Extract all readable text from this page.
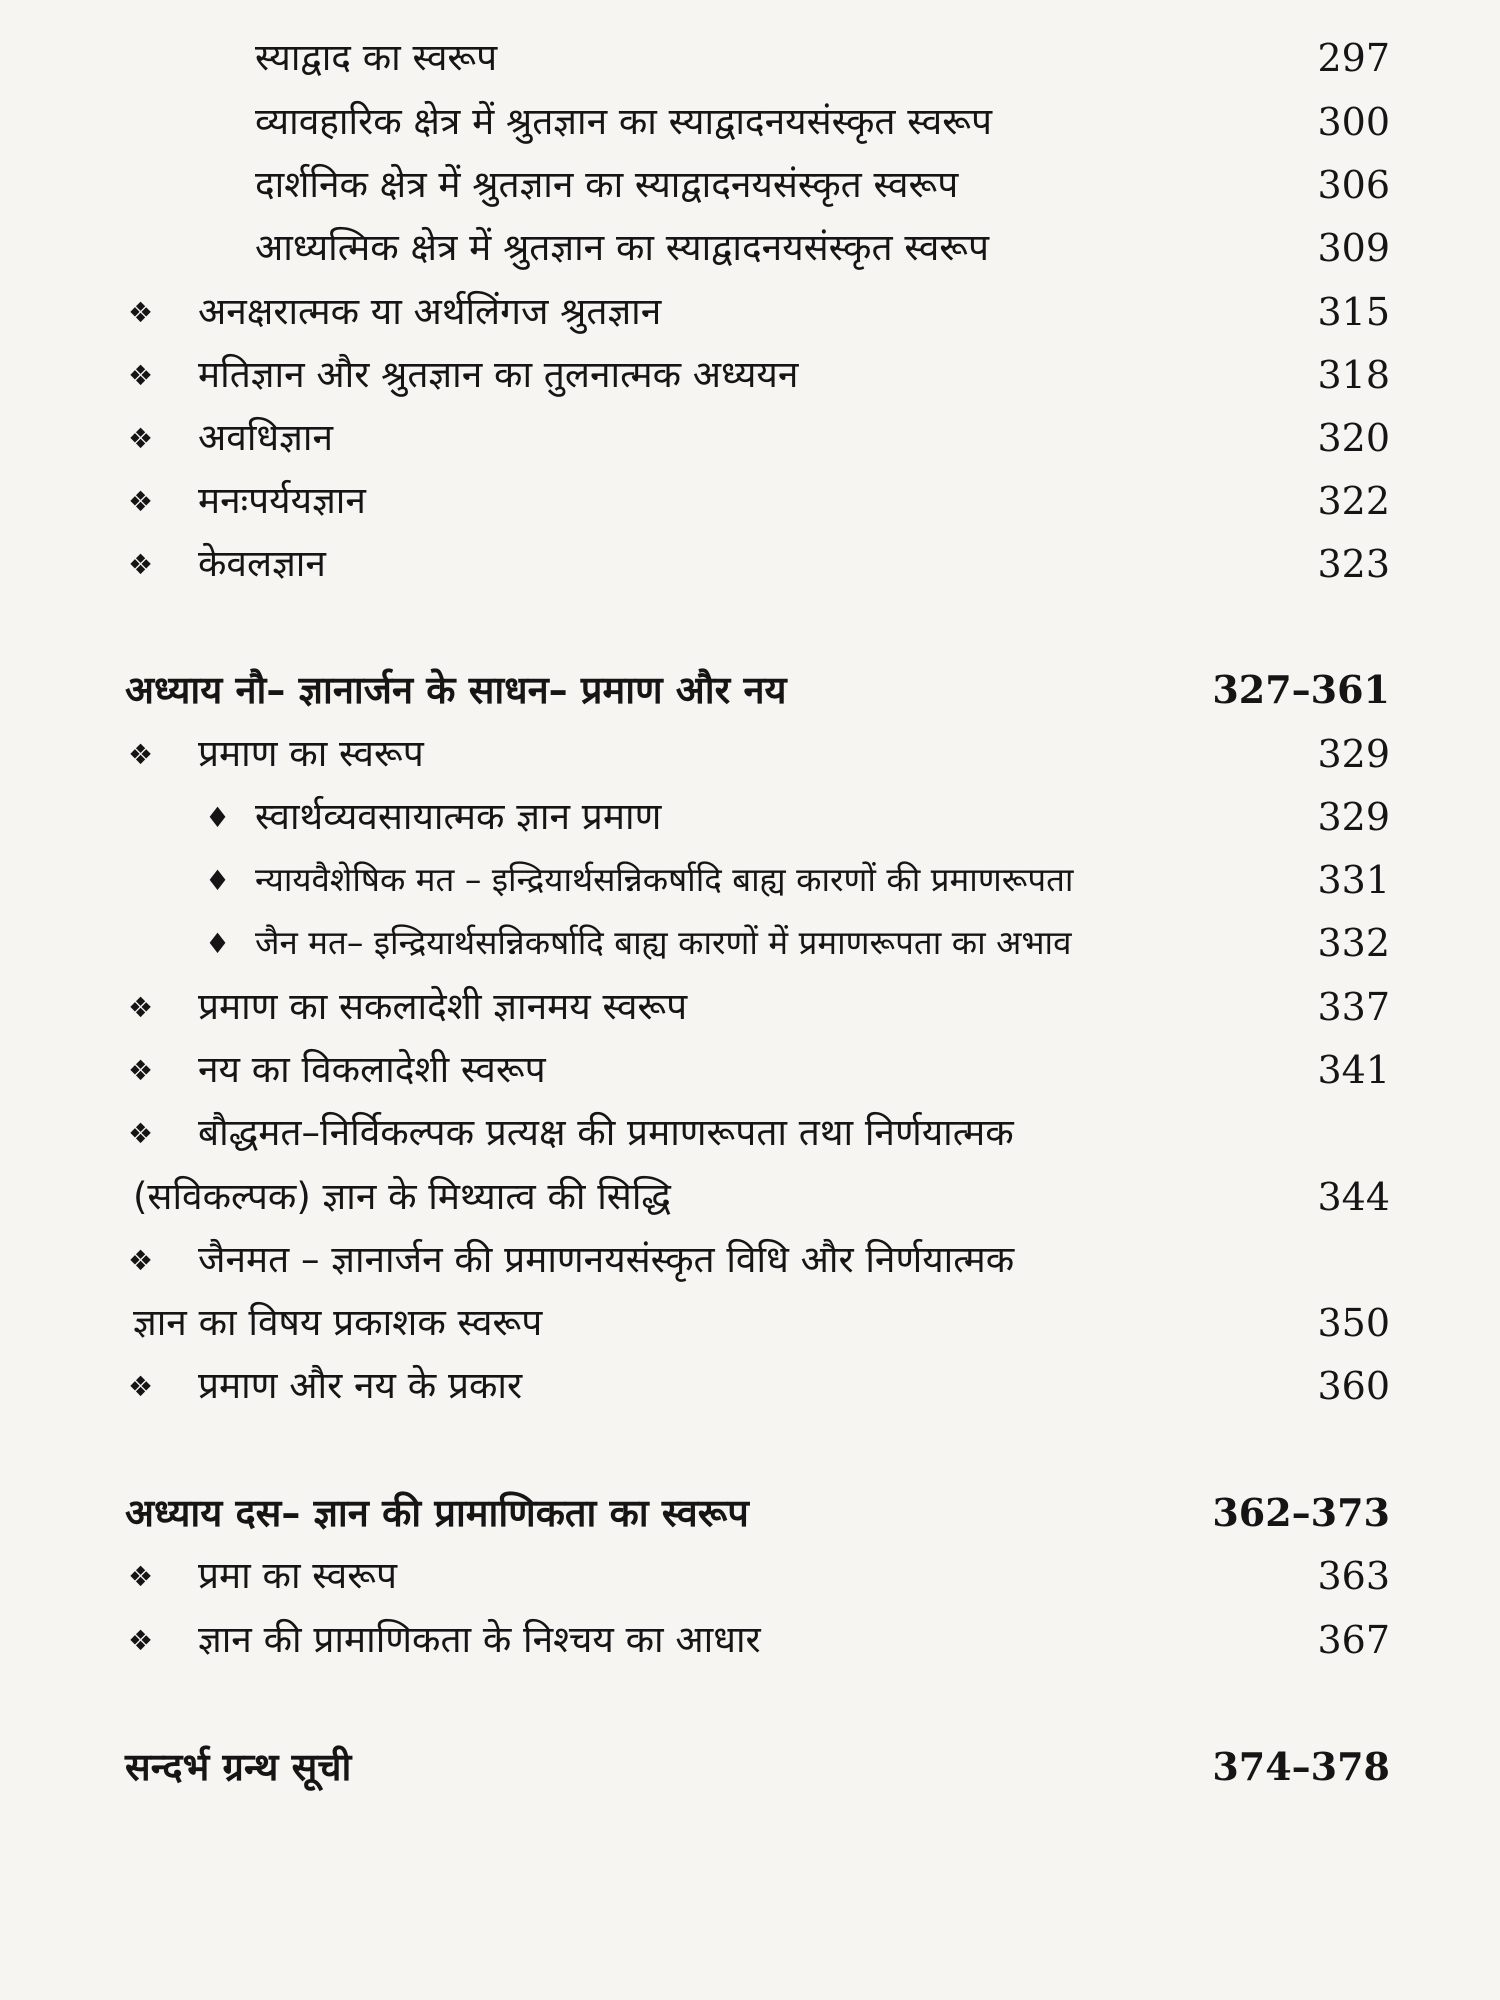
स्याद्वाद का स्वरूप	297
व्यावहारिक क्षेत्र में श्रुतज्ञान का स्याद्वादनयसंस्कृत स्वरूप	300
दार्शनिक क्षेत्र में श्रुतज्ञान का स्याद्वादनयसंस्कृत स्वरूप	306
आध्यत्मिक क्षेत्र में श्रुतज्ञान का स्याद्वादनयसंस्कृत स्वरूप	309
❖ अनक्षरात्मक या अर्थलिंगज श्रुतज्ञान	315
❖ मतिज्ञान और श्रुतज्ञान का तुलनात्मक अध्ययन	318
❖ अवधिज्ञान	320
❖ मनःपर्ययज्ञान	322
❖ केवलज्ञान	323
अध्याय नौ– ज्ञानार्जन के साधन– प्रमाण और नय	327–361
❖ प्रमाण का स्वरूप	329
♦ स्वार्थव्यवसायात्मक ज्ञान प्रमाण	329
♦ न्यायवैशेषिक मत – इन्द्रियार्थसन्निकर्षादि बाह्य कारणों की प्रमाणरूपता	331
♦ जैन मत– इन्द्रियार्थसन्निकर्षादि बाह्य कारणों में प्रमाणरूपता का अभाव	332
❖ प्रमाण का सकलादेशी ज्ञानमय स्वरूप	337
❖ नय का विकलादेशी स्वरूप	341
❖ बौद्धमत–निर्विकल्पक प्रत्यक्ष की प्रमाणरूपता तथा निर्णयात्मक
(सविकल्पक) ज्ञान के मिथ्यात्व की सिद्धि	344
❖ जैनमत – ज्ञानार्जन की प्रमाणनयसंस्कृत विधि और निर्णयात्मक
ज्ञान का विषय प्रकाशक स्वरूप	350
❖ प्रमाण और नय के प्रकार	360
अध्याय दस– ज्ञान की प्रामाणिकता का स्वरूप	362–373
❖ प्रमा का स्वरूप	363
❖ ज्ञान की प्रामाणिकता के निश्चय का आधार	367
सन्दर्भ ग्रन्थ सूची	374–378
